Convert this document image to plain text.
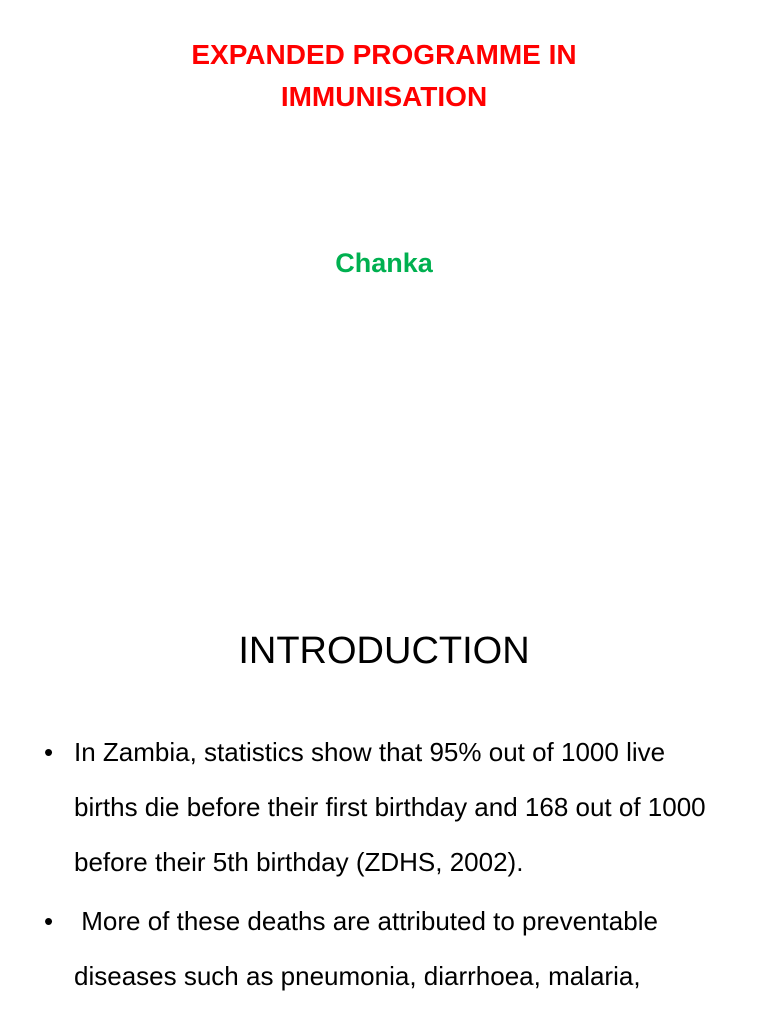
EXPANDED PROGRAMME IN
IMMUNISATION
Chanka
INTRODUCTION
• In Zambia, statistics show that 95% out of 1000 live births die before their first birthday and 168 out of 1000 before their 5th birthday (ZDHS, 2002).
• More of these deaths are attributed to preventable diseases such as pneumonia, diarrhoea, malaria,
